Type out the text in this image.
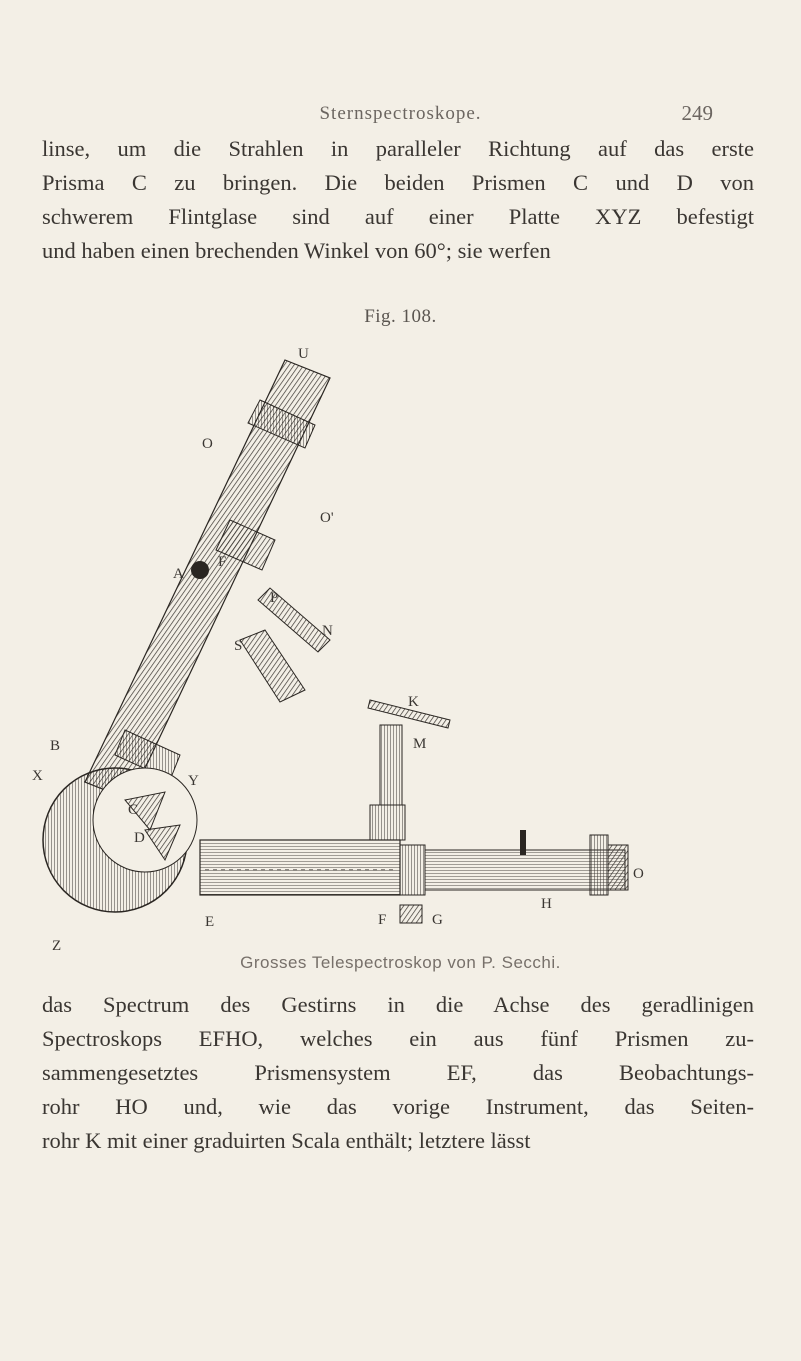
Sternspectroskope.	249

linse, um die Strahlen in paralleler Richtung auf das erste
Prisma C zu bringen. Die beiden Prismen C und D von
schwerem Flintglase sind auf einer Platte XYZ befestigt
und haben einen brechenden Winkel von 60°; sie werfen

Fig. 108.
U
O
O'
A
F
P
N
S
K
M
B
X	Y
C
D
E
Z
F	G
H
O
Grosses Telespectroskop von P. Secchi.

das Spectrum des Gestirns in die Achse des geradlinigen
Spectroskops EFHO, welches ein aus fünf Prismen zu-
sammengesetztes Prismensystem EF, das Beobachtungs-
rohr HO und, wie das vorige Instrument, das Seiten-
rohr K mit einer graduirten Scala enthält; letztere lässt
